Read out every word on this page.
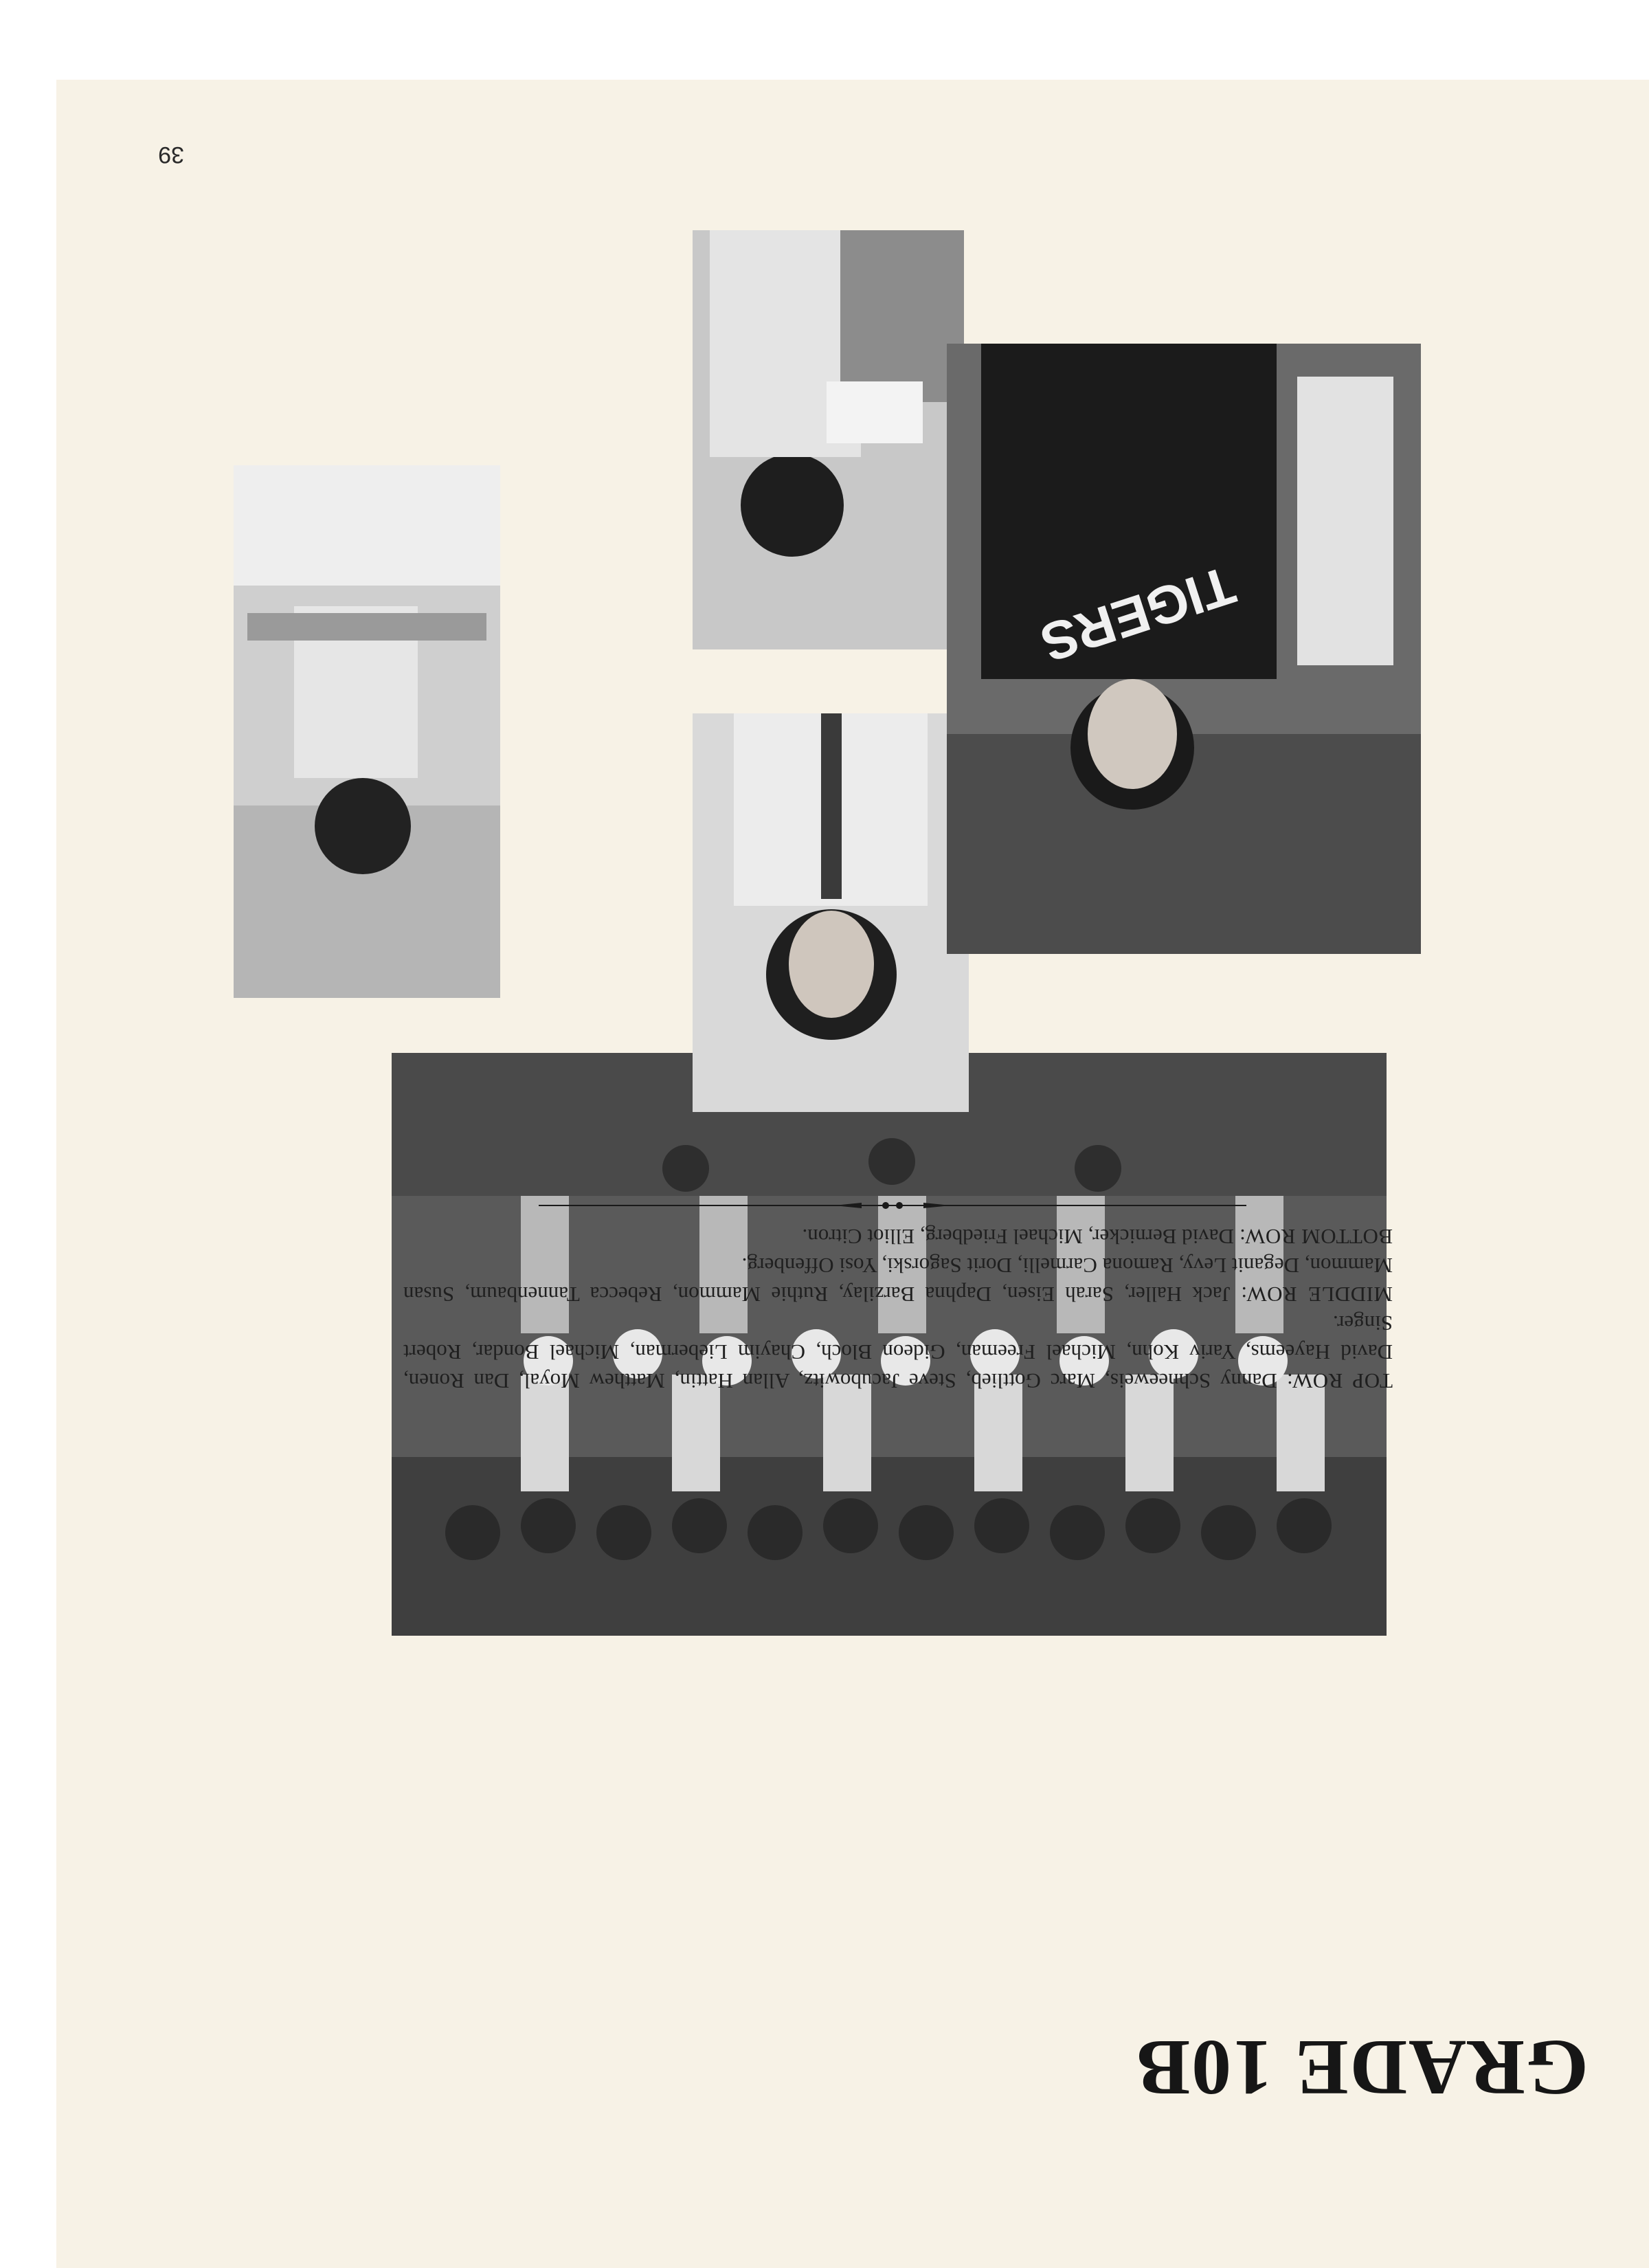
39
GRADE 10B
TIGERS

TOP ROW: Danny Schneeweis, Marc Gottlieb, Steve Jacubowitz, Allan Hattin, Matthew Moyal, Dan Ronen, David Hayeems, Yariv Kohn, Michael Freeman, Gideon Bloch, Chayim Lieberman, Michael Bondar, Robert Singer.

MIDDLE ROW: Jack Haller, Sarah Eisen, Daphna Barzilay, Ruthie Mammon, Rebecca Tannenbaum, Susan Mammon, Deganit Levy, Ramona Carmelli, Dorit Sagorski, Yosi Offenberg.

BOTTOM ROW: David Bernicker, Michael Friedberg, Elliot Citron.
